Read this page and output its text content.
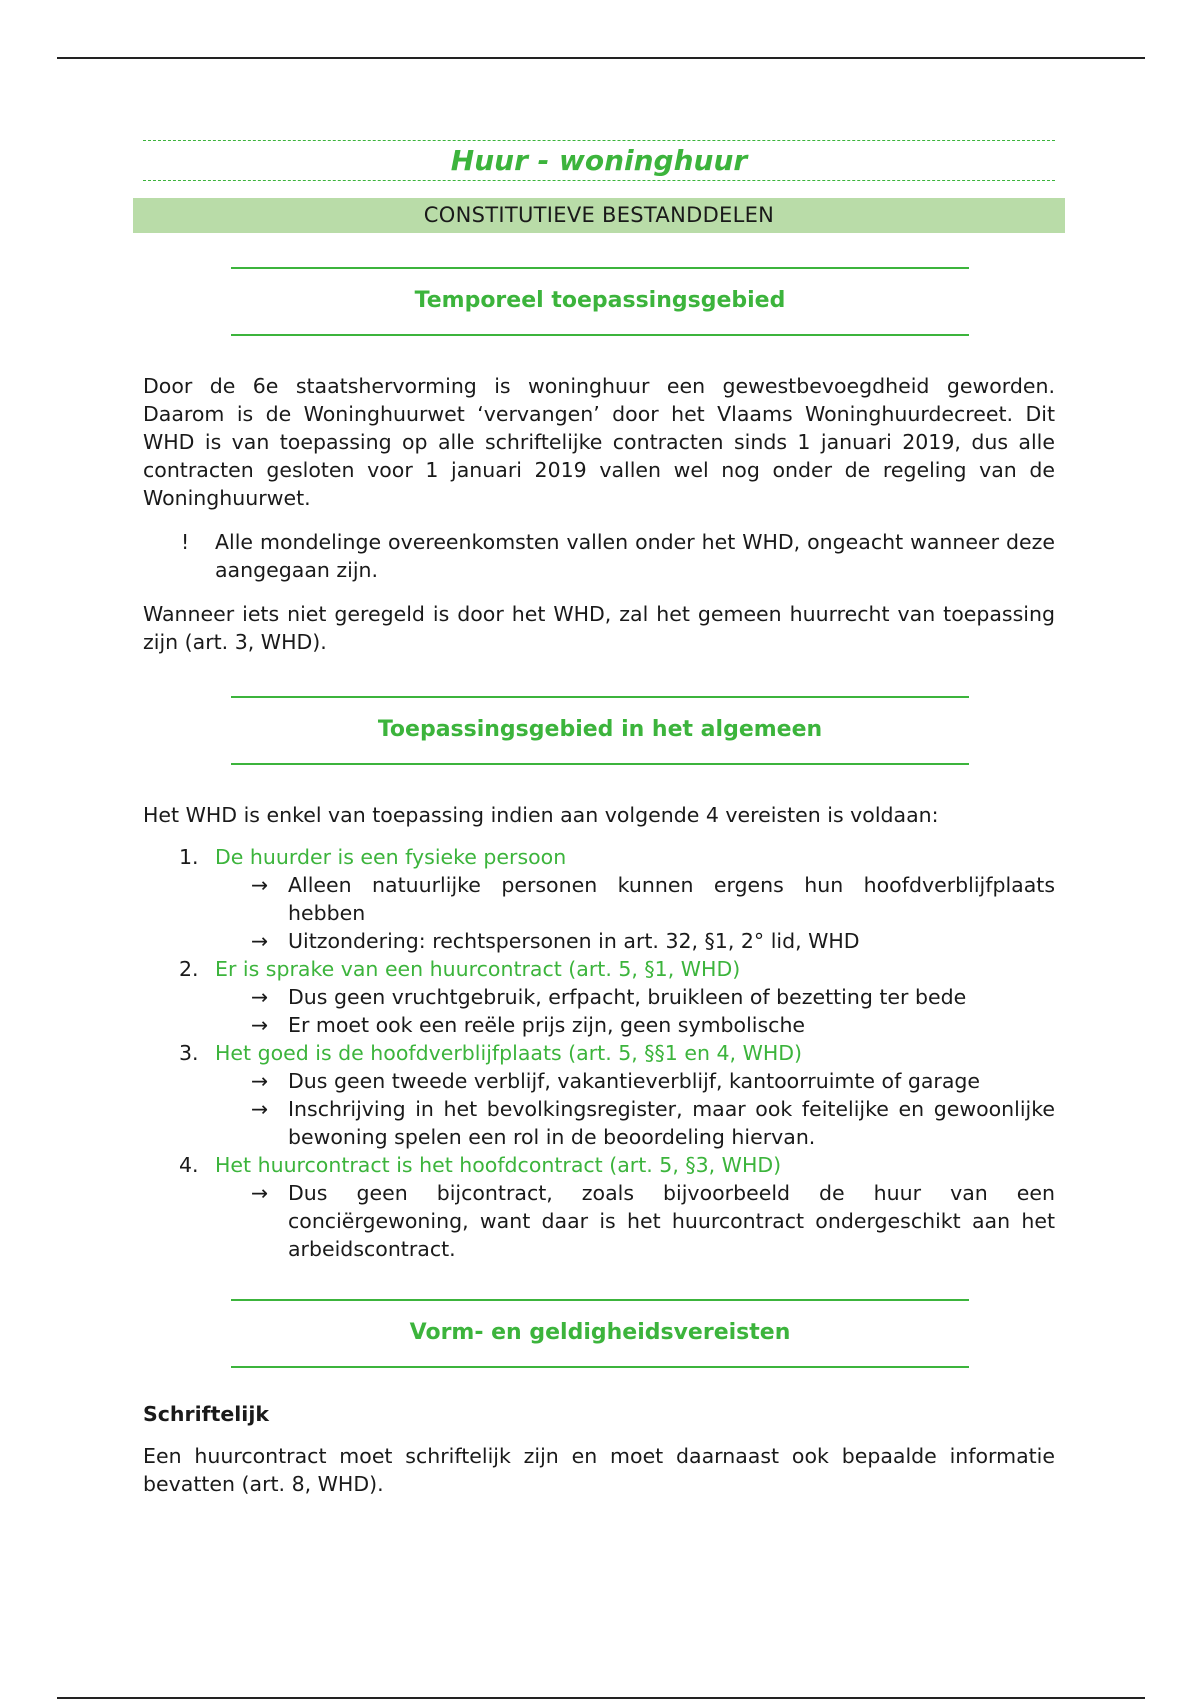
Huur - woninghuur
CONSTITUTIEVE BESTANDDELEN
Temporeel toepassingsgebied

Door de 6e staatshervorming is woninghuur een gewestbevoegdheid geworden. Daarom is de Woninghuurwet ‘vervangen’ door het Vlaams Woninghuurdecreet. Dit WHD is van toepassing op alle schriftelijke contracten sinds 1 januari 2019, dus alle contracten gesloten voor 1 januari 2019 vallen wel nog onder de regeling van de Woninghuurwet.

!	Alle mondelinge overeenkomsten vallen onder het WHD, ongeacht wanneer deze aangegaan zijn.

Wanneer iets niet geregeld is door het WHD, zal het gemeen huurrecht van toepassing zijn (art. 3, WHD).

Toepassingsgebied in het algemeen

Het WHD is enkel van toepassing indien aan volgende 4 vereisten is voldaan:

1. De huurder is een fysieke persoon
→ Alleen natuurlijke personen kunnen ergens hun hoofdverblijfplaats hebben
→ Uitzondering: rechtspersonen in art. 32, §1, 2° lid, WHD
2. Er is sprake van een huurcontract (art. 5, §1, WHD)
→ Dus geen vruchtgebruik, erfpacht, bruikleen of bezetting ter bede
→ Er moet ook een reële prijs zijn, geen symbolische
3. Het goed is de hoofdverblijfplaats (art. 5, §§1 en 4, WHD)
→ Dus geen tweede verblijf, vakantieverblijf, kantoorruimte of garage
→ Inschrijving in het bevolkingsregister, maar ook feitelijke en gewoonlijke bewoning spelen een rol in de beoordeling hiervan.
4. Het huurcontract is het hoofdcontract (art. 5, §3, WHD)
→ Dus geen bijcontract, zoals bijvoorbeeld de huur van een conciërgewoning, want daar is het huurcontract ondergeschikt aan het arbeidscontract.
Vorm- en geldigheidsvereisten
Schriftelijk

Een huurcontract moet schriftelijk zijn en moet daarnaast ook bepaalde informatie bevatten (art. 8, WHD).
